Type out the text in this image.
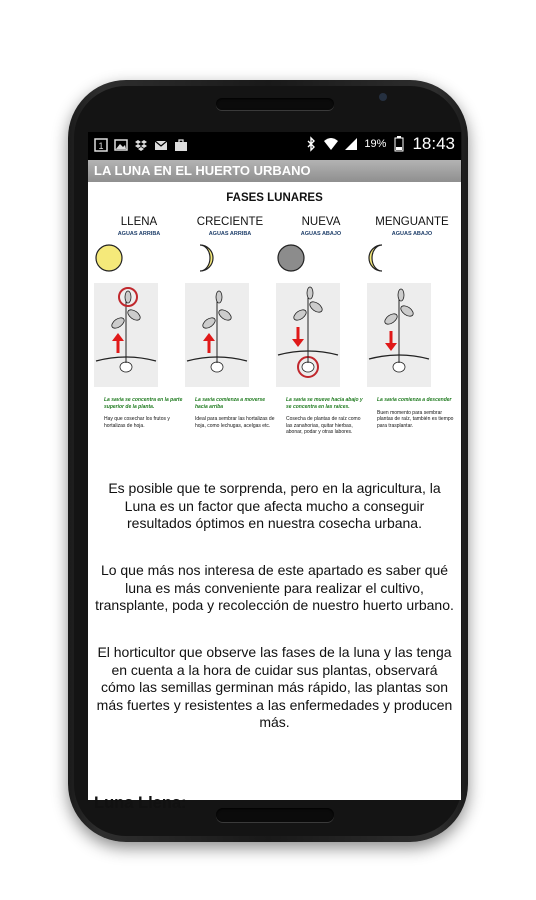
1	19% 18:43
LA LUNA EN EL HUERTO URBANO
FASES LUNARES
LLENA
AGUAS ARRIBA

La savia se concentra en la parte superior de la planta.
Hay que cosechar los frutos y hortalizas de hoja.
CRECIENTE
AGUAS ARRIBA

La savia comienza a moverse hacia arriba
Ideal para sembrar las hortalizas de hoja, como lechugas, acelgas etc.
NUEVA
AGUAS ABAJO

La savia se mueve hacia abajo y se concentra en las raíces.
Cosecha de plantas de raíz como las zanahorias, quitar hierbas, abonar, podar y otras labores.
MENGUANTE
AGUAS ABAJO

La savia comienza a descender
Buen momento para sembrar plantas de raíz, también es tiempo para trasplantar.
Es posible que te sorprenda, pero en la agricultura, la Luna es un factor que afecta mucho a conseguir resultados óptimos en nuestra cosecha urbana.
Lo que más nos interesa de este apartado es saber qué luna es más conveniente para realizar el cultivo, transplante, poda y recolección de nuestro huerto urbano.
El horticultor que observe las fases de la luna y las tenga en cuenta a la hora de cuidar sus plantas, observará cómo las semillas germinan más rápido, las plantas son más fuertes y resistentes a las enfermedades y producen más.
Luna Llena:
